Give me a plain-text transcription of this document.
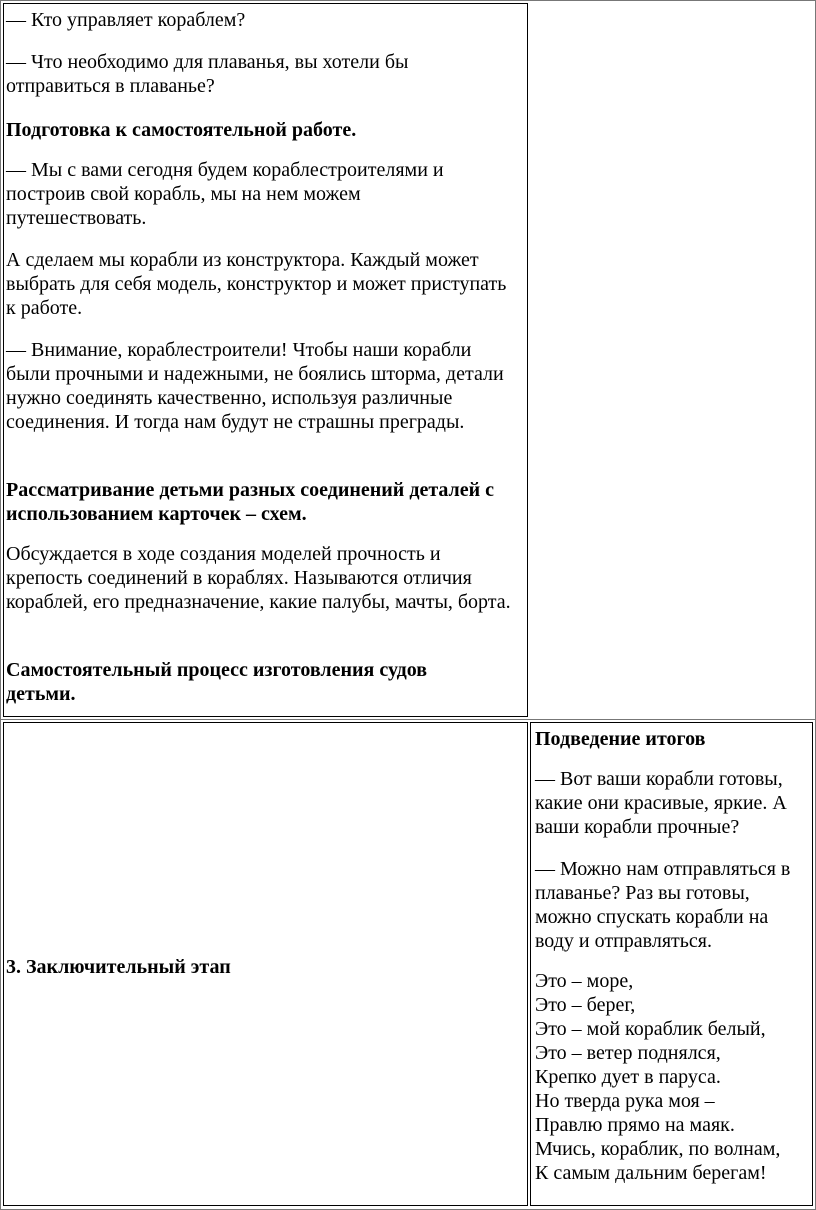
— Кто управляет кораблем?

— Что необходимо для плаванья, вы хотели бы отправиться в плаванье?

Подготовка к самостоятельной работе.

— Мы с вами сегодня будем кораблестроителями и построив свой корабль, мы на нем можем путешествовать.

А сделаем мы корабли из конструктора. Каждый может выбрать для себя модель, конструктор и может приступать к работе.

— Внимание, кораблестроители! Чтобы наши корабли были прочными и надежными, не боялись шторма, детали нужно соединять качественно, используя различные соединения. И тогда нам будут не страшны преграды.

Рассматривание детьми разных соединений деталей с использованием карточек – схем.

Обсуждается в ходе создания моделей прочность и крепость соединений в кораблях. Называются отличия кораблей, его предназначение, какие палубы, мачты, борта.

Самостоятельный процесс изготовления судов детьми.

3. Заключительный этап

Подведение итогов

— Вот ваши корабли готовы, какие они красивые, яркие. А ваши корабли прочные?

— Можно нам отправляться в плаванье? Раз вы готовы, можно спускать корабли на воду и отправляться.

Это – море,
Это – берег,
Это – мой кораблик белый,
Это – ветер поднялся,
Крепко дует в паруса.
Но тверда рука моя –
Правлю прямо на маяк.
Мчись, кораблик, по волнам,
К самым дальним берегам!
